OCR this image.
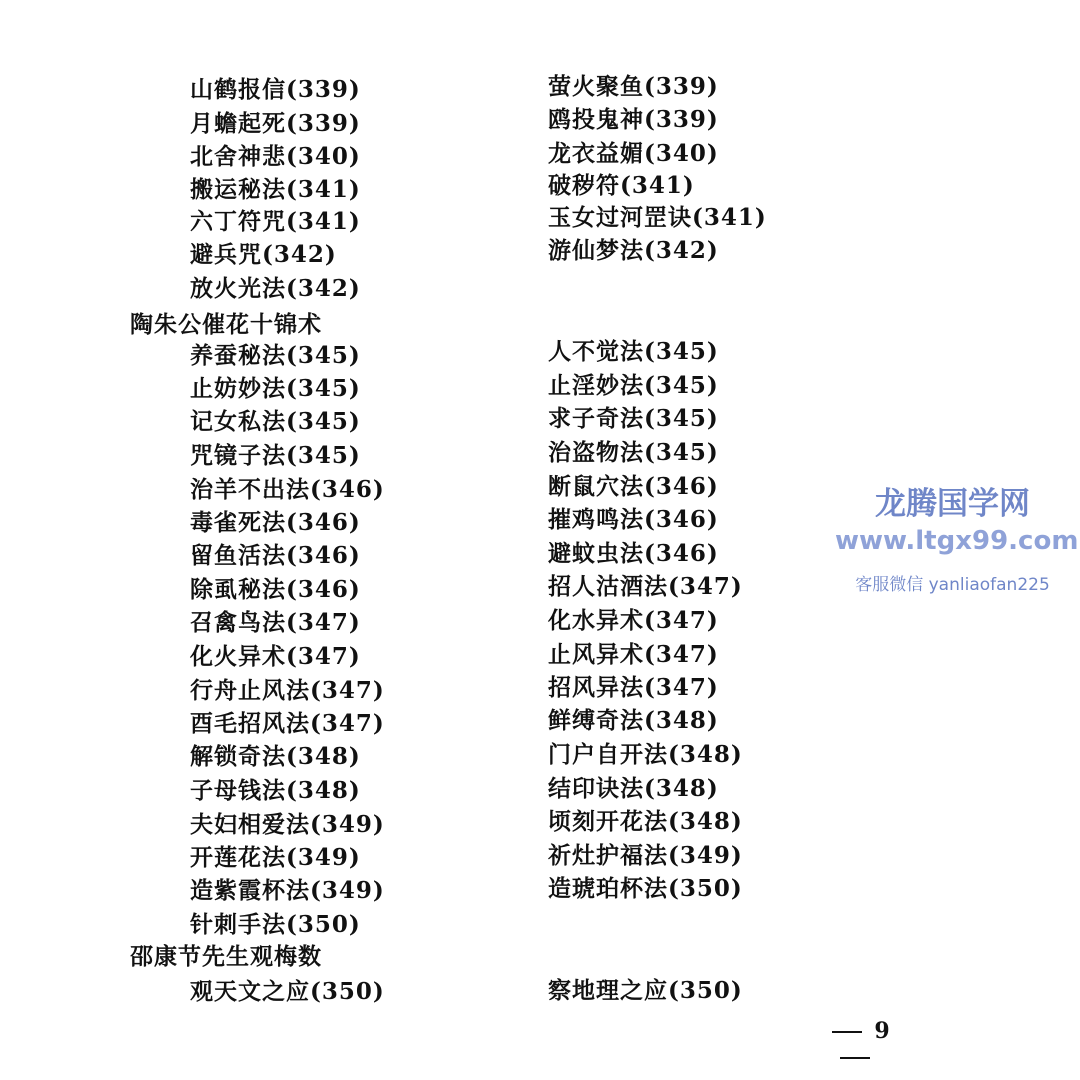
山鹤报信(339)
月蟾起死(339)
北舍神悲(340)
搬运秘法(341)
六丁符咒(341)
避兵咒(342)
放火光法(342)
萤火聚鱼(339)
鸥投鬼神(339)
龙衣益媚(340)
破秽符(341)
玉女过河罡诀(341)
游仙梦法(342)
陶朱公催花十锦术
养蚕秘法(345)
止妨妙法(345)
记女私法(345)
咒镜子法(345)
治羊不出法(346)
毒雀死法(346)
留鱼活法(346)
除虱秘法(346)
召禽鸟法(347)
化火异术(347)
行舟止风法(347)
酉毛招风法(347)
解锁奇法(348)
子母钱法(348)
夫妇相爱法(349)
开莲花法(349)
造紫霞杯法(349)
针刺手法(350)
人不觉法(345)
止淫妙法(345)
求子奇法(345)
治盗物法(345)
断鼠穴法(346)
摧鸡鸣法(346)
避蚊虫法(346)
招人沽酒法(347)
化水异术(347)
止风异术(347)
招风异法(347)
鲜缚奇法(348)
门户自开法(348)
结印诀法(348)
顷刻开花法(348)
祈灶护福法(349)
造琥珀杯法(350)
邵康节先生观梅数
观天文之应(350)	察地理之应(350)
9
龙腾国学网
www.ltgx99.com
客服微信 yanliaofan225
